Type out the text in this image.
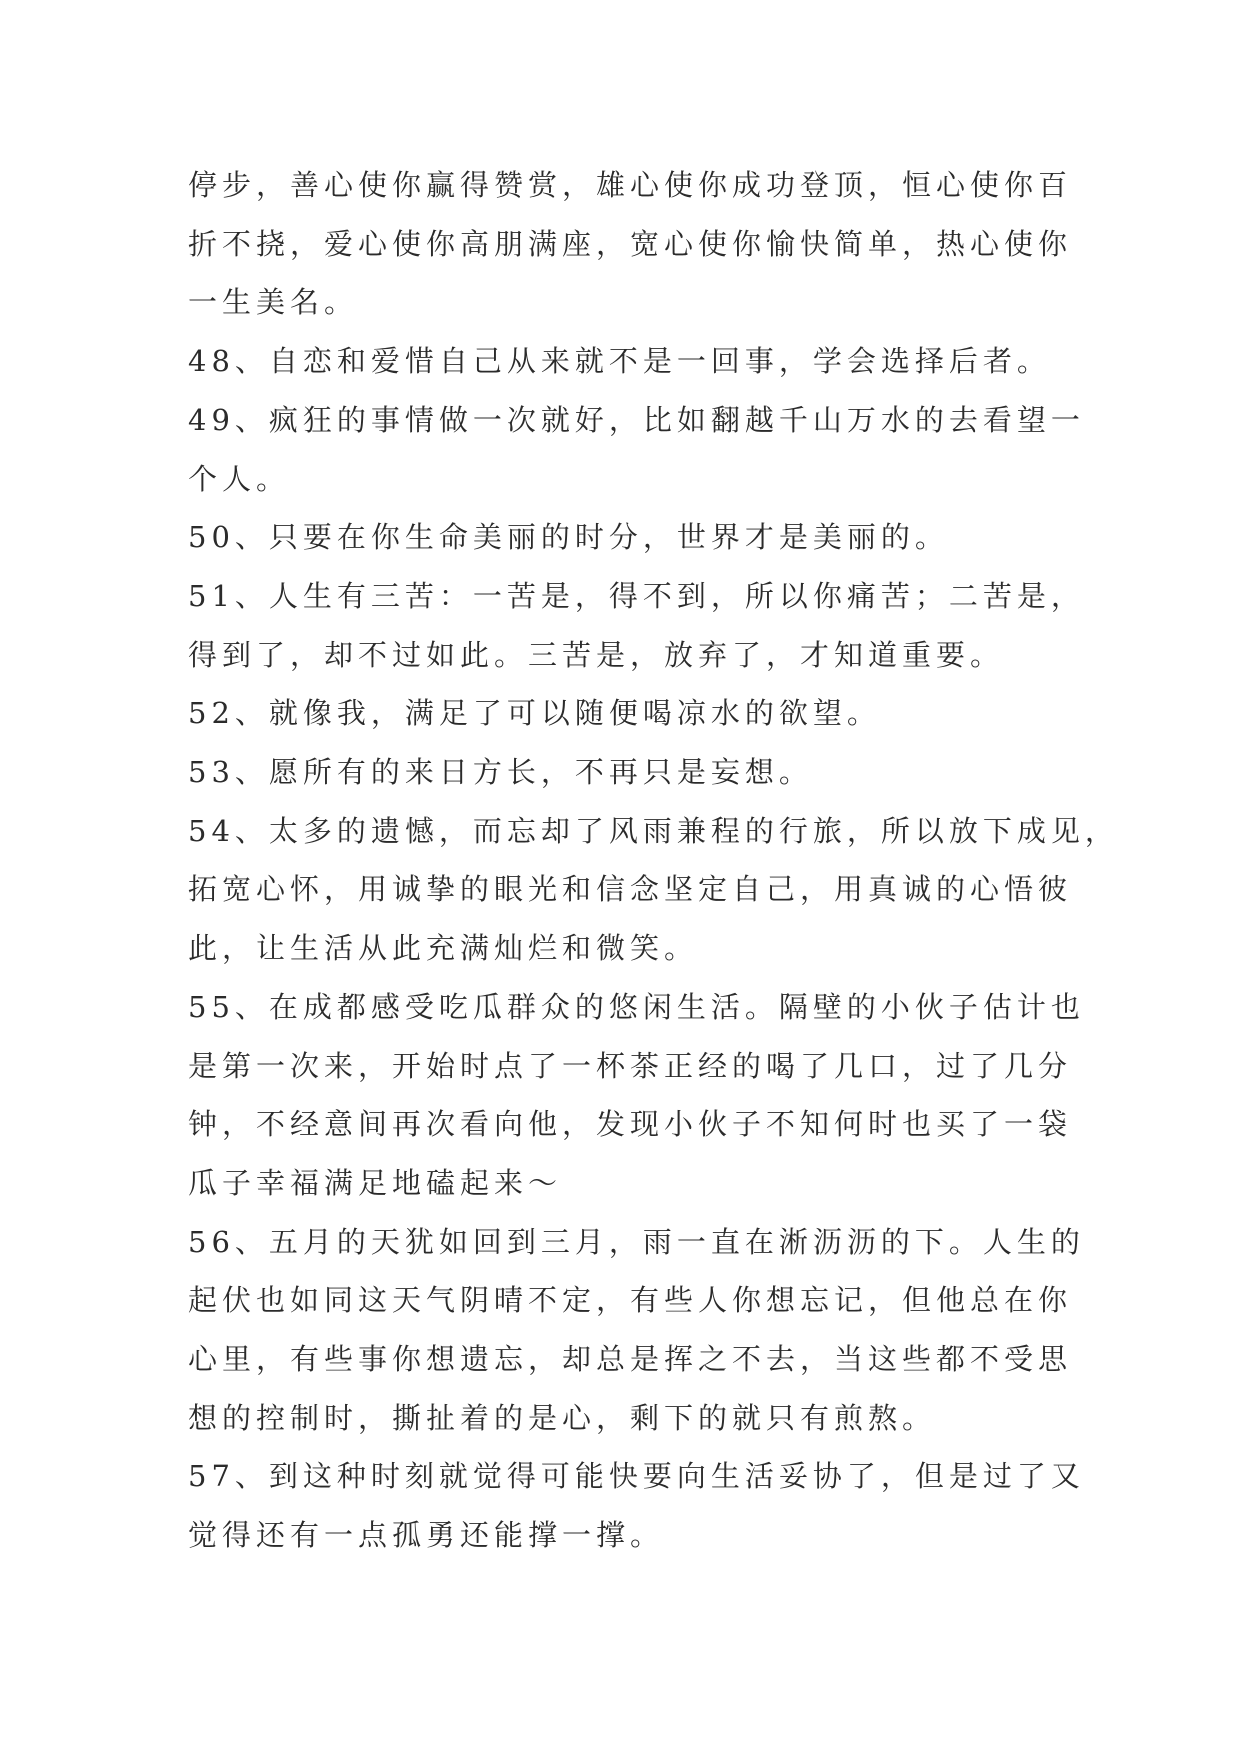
停步，善心使你赢得赞赏，雄心使你成功登顶，恒心使你百

折不挠，爱心使你高朋满座，宽心使你愉快简单，热心使你

一生美名。

48、自恋和爱惜自己从来就不是一回事，学会选择后者。

49、疯狂的事情做一次就好，比如翻越千山万水的去看望一

个人。

50、只要在你生命美丽的时分，世界才是美丽的。

51、人生有三苦：一苦是，得不到，所以你痛苦；二苦是，

得到了，却不过如此。三苦是，放弃了，才知道重要。

52、就像我，满足了可以随便喝凉水的欲望。

53、愿所有的来日方长，不再只是妄想。

54、太多的遗憾，而忘却了风雨兼程的行旅，所以放下成见，

拓宽心怀，用诚挚的眼光和信念坚定自己，用真诚的心悟彼

此，让生活从此充满灿烂和微笑。

55、在成都感受吃瓜群众的悠闲生活。隔壁的小伙子估计也

是第一次来，开始时点了一杯茶正经的喝了几口，过了几分

钟，不经意间再次看向他，发现小伙子不知何时也买了一袋

瓜子幸福满足地磕起来～

56、五月的天犹如回到三月，雨一直在淅沥沥的下。人生的

起伏也如同这天气阴晴不定，有些人你想忘记，但他总在你

心里，有些事你想遗忘，却总是挥之不去，当这些都不受思

想的控制时，撕扯着的是心，剩下的就只有煎熬。

57、到这种时刻就觉得可能快要向生活妥协了，但是过了又

觉得还有一点孤勇还能撑一撑。
